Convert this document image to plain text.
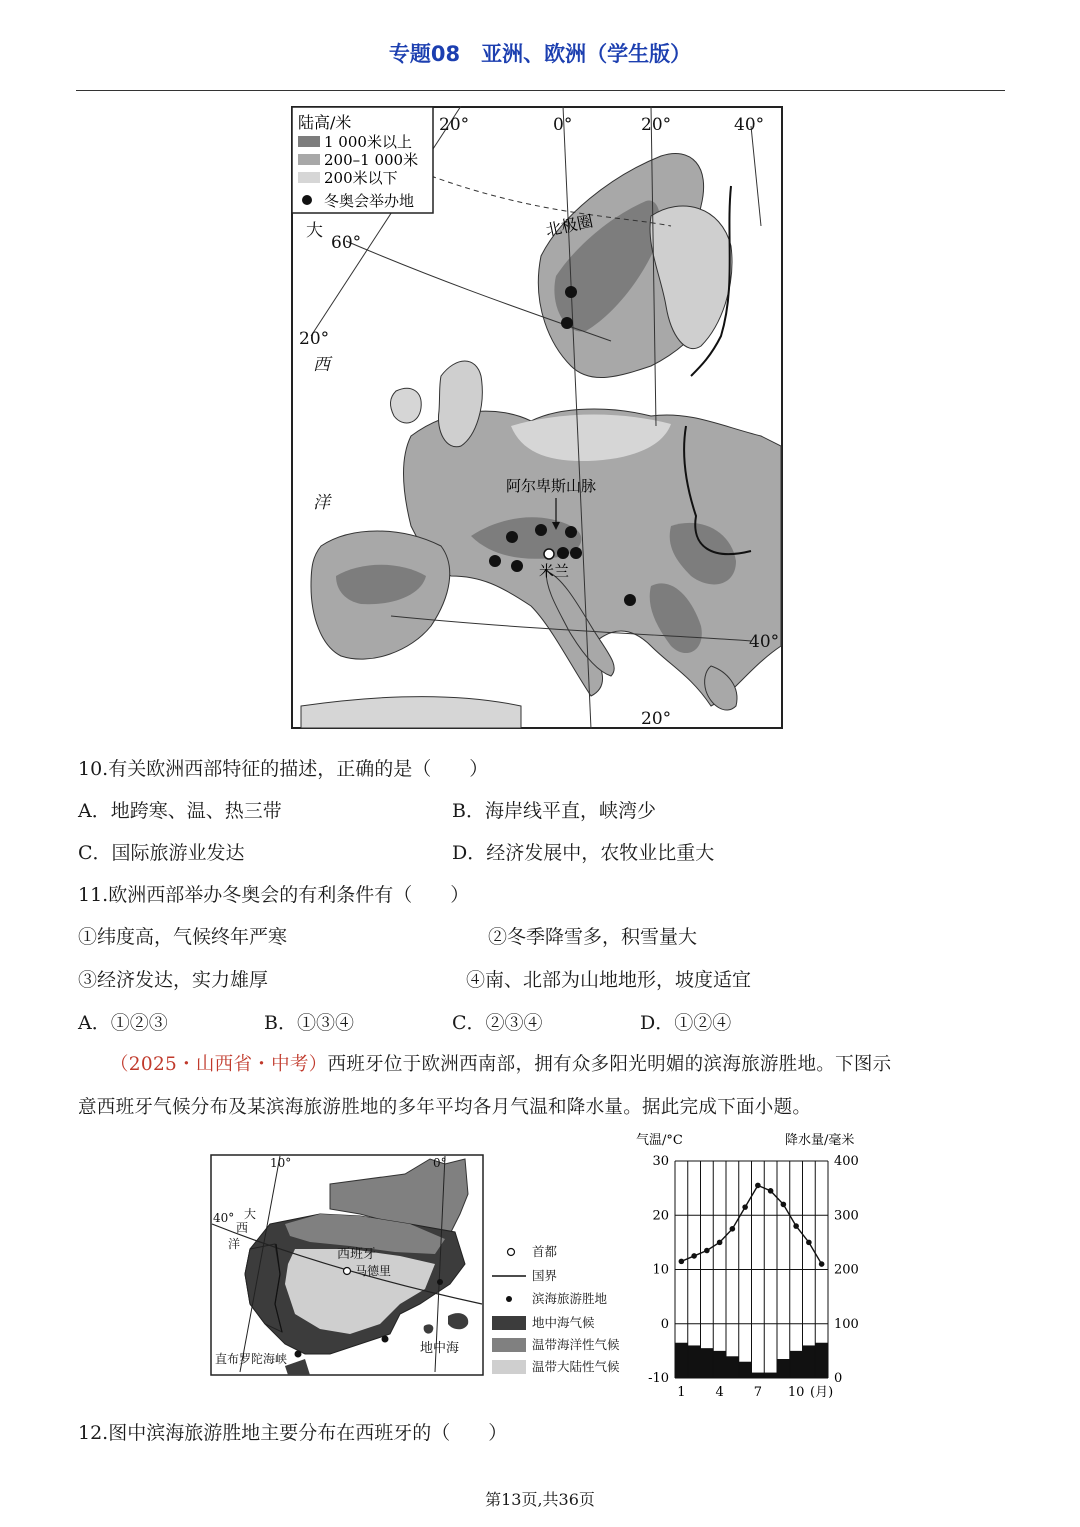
专题08　亚洲、欧洲（学生版）
陆高/米
1 000米以上
200–1 000米
200米以下
冬奥会举办地
20°	0°	20°	40°
大
60°
20°
西
洋
40°
20°
北极圈
阿尔卑斯山脉
米兰
10.有关欧洲西部特征的描述，正确的是（　　）
A．地跨寒、温、热三带	B．海岸线平直，峡湾少
C．国际旅游业发达	D．经济发展中，农牧业比重大
11.欧洲西部举办冬奥会的有利条件有（　　）
①纬度高，气候终年严寒	②冬季降雪多，积雪量大
③经济发达，实力雄厚	④南、北部为山地地形，坡度适宜
A．①②③	B．①③④	C．②③④	D．①②④
（2025・山西省・中考）西班牙位于欧洲西南部，拥有众多阳光明媚的滨海旅游胜地。下图示
意西班牙气候分布及某滨海旅游胜地的多年平均各月气温和降水量。据此完成下面小题。
10°	0°
40° 大
西
洋
西班牙
马德里
直布罗陀海峡
地中海
首都
国界
滨海旅游胜地
地中海气候
温带海洋性气候
温带大陆性气候
气温/°C	降水量/毫米
30
20
10
0
-10
400
300
200
100
0
1 4 7 10 (月)
12.图中滨海旅游胜地主要分布在西班牙的（　　）
第13页,共36页
